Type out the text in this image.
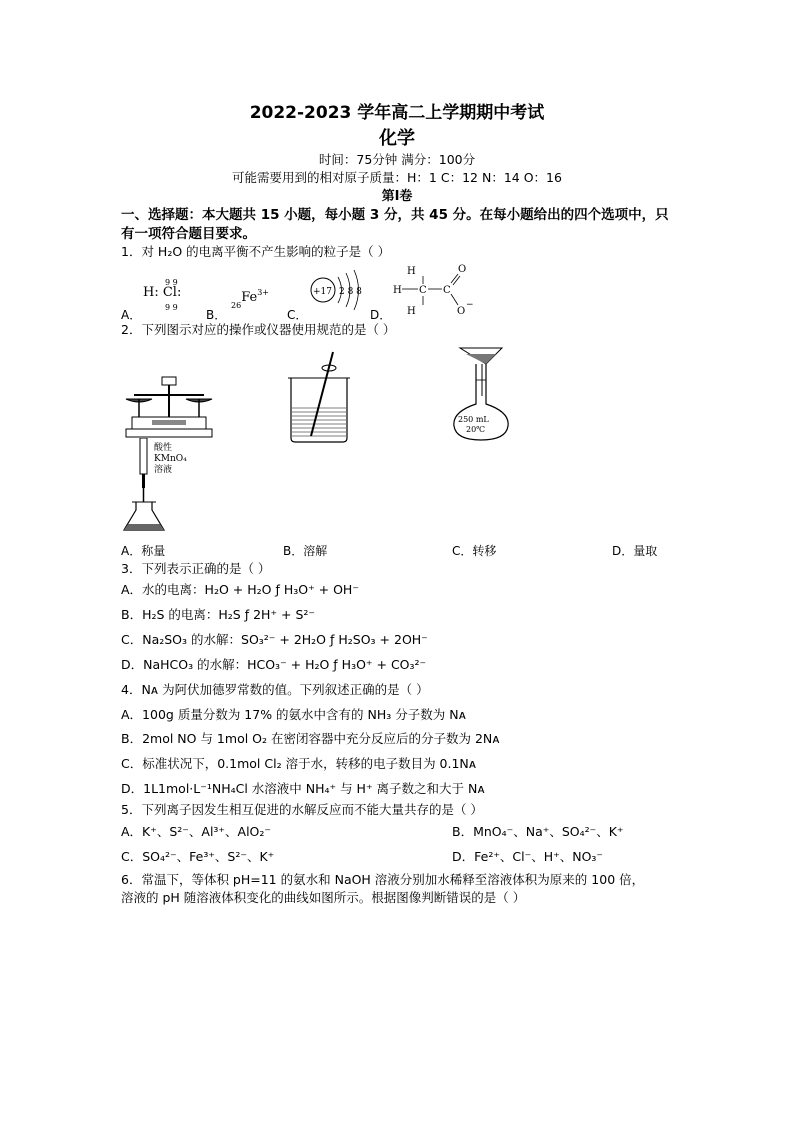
2022-2023 学年高二上学期期中考试
化学
时间：75分钟 满分：100分
可能需要用到的相对原子质量：H：1 C：12 N：14 O：16
第Ⅰ卷
一、选择题：本大题共 15 小题，每小题 3 分，共 45 分。在每小题给出的四个选项中，只
有一项符合题目要求。
1．对 H₂O 的电离平衡不产生影响的粒子是（ ）
H: Cl:
9 9
9 9
A．	B．
$_{26}Fe^{3+}$
C．
+17 2 8 8
D．
H
H
H
C C
O
O
−
2．下列图示对应的操作或仪器使用规范的是（ ）
250 mL
20℃
酸性
KMnO₄
溶液
A．称量	B．溶解	C．转移	D．量取
3．下列表示正确的是（ ）
A．水的电离：H₂O + H₂O ƒ H₃O⁺ + OH⁻
B．H₂S 的电离：H₂S ƒ 2H⁺ + S²⁻
C．Na₂SO₃ 的水解：SO₃²⁻ + 2H₂O ƒ H₂SO₃ + 2OH⁻
D．NaHCO₃ 的水解：HCO₃⁻ + H₂O ƒ H₃O⁺ + CO₃²⁻
4．Nᴀ 为阿伏加德罗常数的值。下列叙述正确的是（ ）
A．100g 质量分数为 17% 的氨水中含有的 NH₃ 分子数为 Nᴀ
B．2mol NO 与 1mol O₂ 在密闭容器中充分反应后的分子数为 2Nᴀ
C．标准状况下，0.1mol Cl₂ 溶于水，转移的电子数目为 0.1Nᴀ
D．1L1mol·L⁻¹NH₄Cl 水溶液中 NH₄⁺ 与 H⁺ 离子数之和大于 Nᴀ
5．下列离子因发生相互促进的水解反应而不能大量共存的是（ ）
A．K⁺、S²⁻、Al³⁺、AlO₂⁻	B．MnO₄⁻、Na⁺、SO₄²⁻、K⁺
C．SO₄²⁻、Fe³⁺、S²⁻、K⁺	D．Fe²⁺、Cl⁻、H⁺、NO₃⁻
6．常温下，等体积 pH=11 的氨水和 NaOH 溶液分别加水稀释至溶液体积为原来的 100 倍，
溶液的 pH 随溶液体积变化的曲线如图所示。根据图像判断错误的是（ ）
